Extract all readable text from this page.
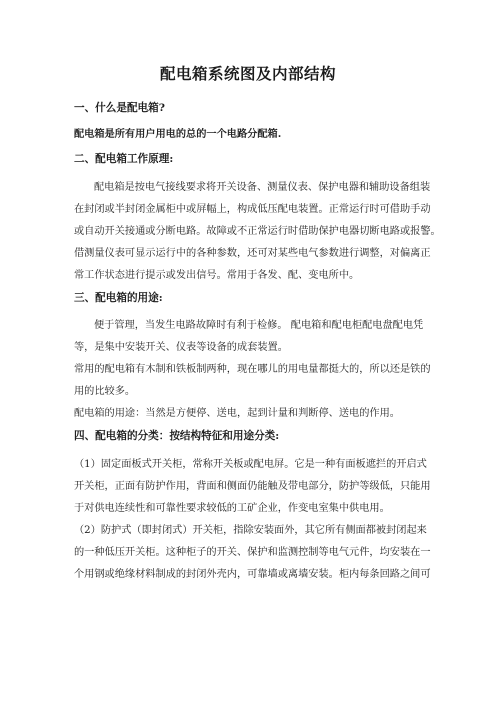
配电箱系统图及内部结构
一、什么是配电箱?
配电箱是所有用户用电的总的一个电路分配箱.
二、配电箱工作原理:
配电箱是按电气接线要求将开关设备、测量仪表、保护电器和辅助设备组装
在封闭或半封闭金属柜中或屏幅上，构成低压配电装置。正常运行时可借助手动
或自动开关接通或分断电路。故障或不正常运行时借助保护电器切断电路或报警。
借测量仪表可显示运行中的各种参数，还可对某些电气参数进行调整，对偏离正
常工作状态进行提示或发出信号。常用于各发、配、变电所中。
三、配电箱的用途:
便于管理，当发生电路故障时有利于检修。 配电箱和配电柜配电盘配电凭
等，是集中安装开关、仪表等设备的成套装置。
常用的配电箱有木制和铁板制两种，现在哪儿的用电量都挺大的，所以还是铁的
用的比较多。
配电箱的用途：当然是方便停、送电，起到计量和判断停、送电的作用。
四、配电箱的分类：按结构特征和用途分类:
（1）固定面板式开关柜，常称开关板或配电屏。它是一种有面板遮拦的开启式
开关柜，正面有防护作用，背面和侧面仍能触及带电部分，防护等级低，只能用
于对供电连续性和可靠性要求较低的工矿企业，作变电室集中供电用。
（2）防护式（即封闭式）开关柜，指除安装面外，其它所有侧面都被封闭起来
的一种低压开关柜。这种柜子的开关、保护和监测控制等电气元件，均安装在一
个用钢或绝缘材料制成的封闭外壳内，可靠墙或离墙安装。柜内每条回路之间可
